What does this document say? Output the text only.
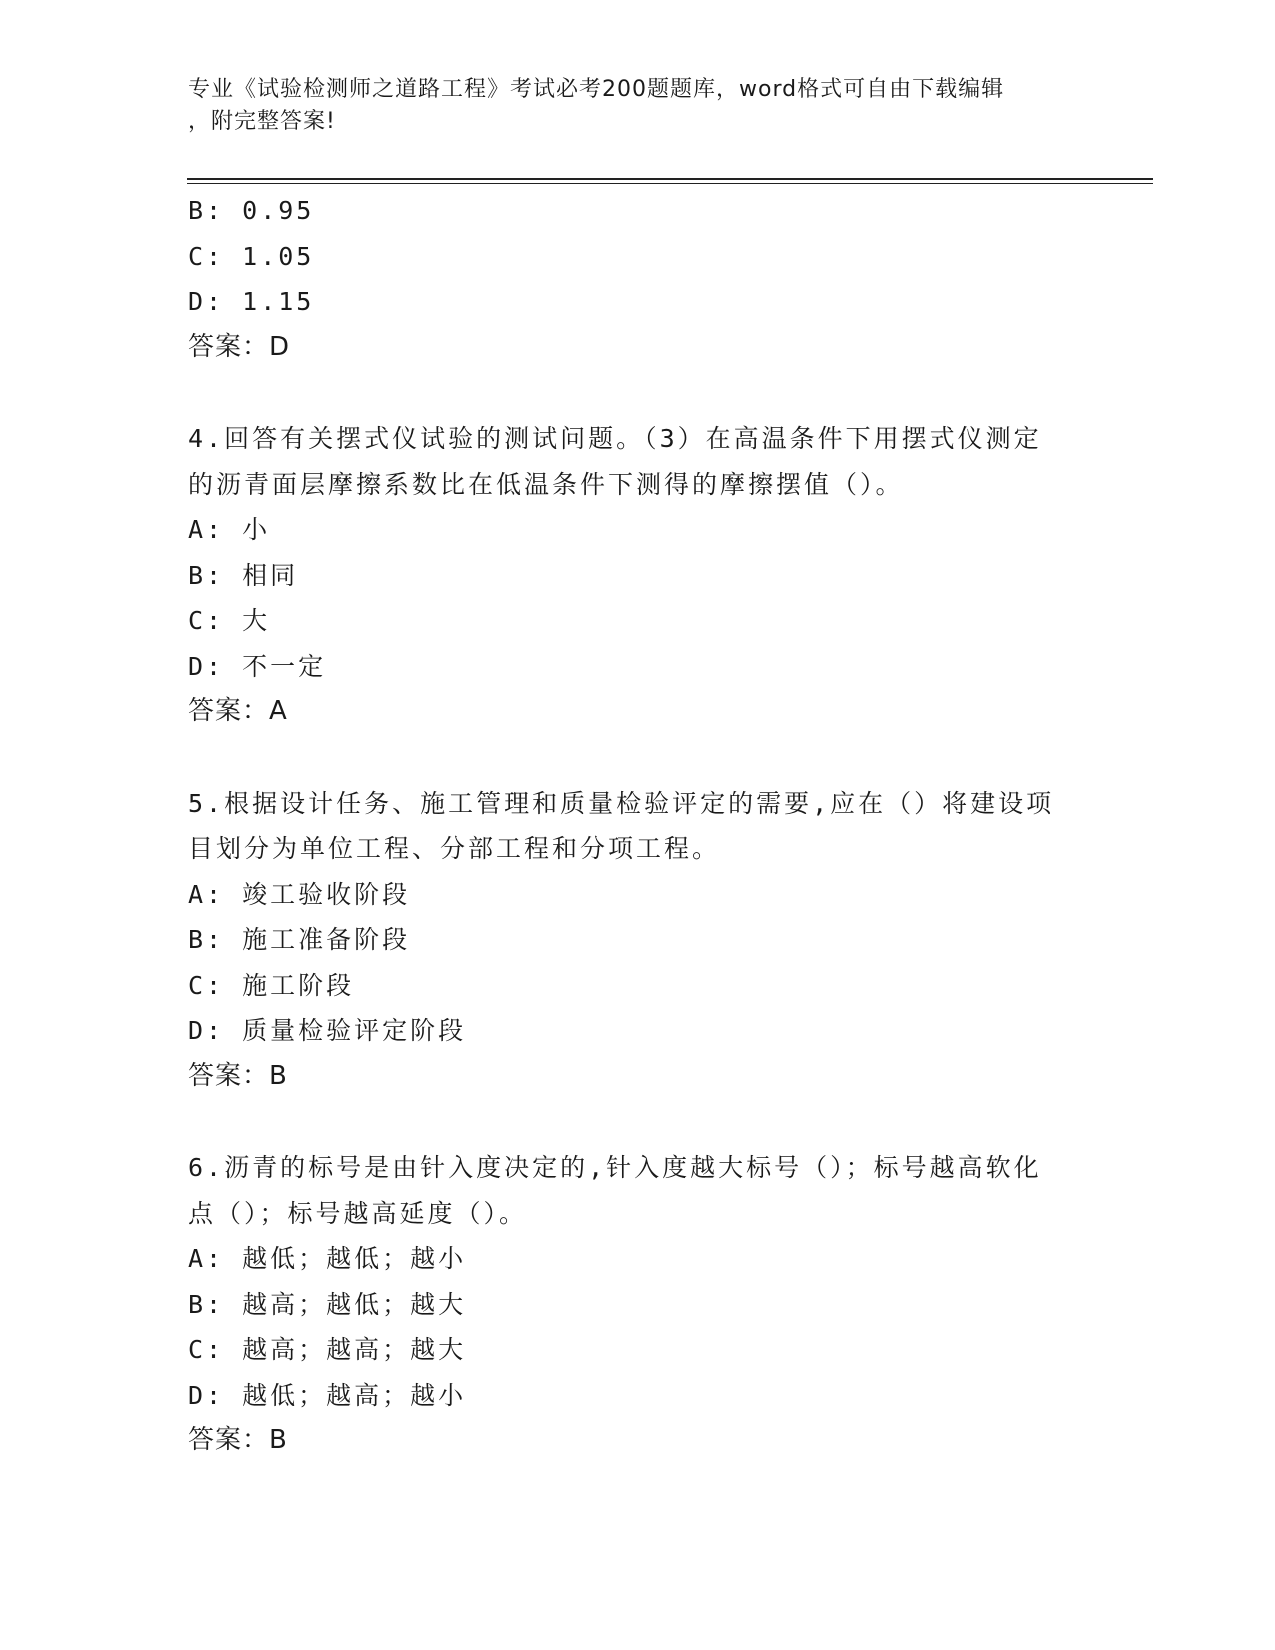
专业《试验检测师之道路工程》考试必考200题题库，word格式可自由下载编辑
，附完整答案!
B: 0.95
C: 1.05
D: 1.15
答案：D
4.回答有关摆式仪试验的测试问题。（3）在高温条件下用摆式仪测定
的沥青面层摩擦系数比在低温条件下测得的摩擦摆值（）。
A: 小
B: 相同
C: 大
D: 不一定
答案：A
5.根据设计任务、施工管理和质量检验评定的需要,应在（）将建设项
目划分为单位工程、分部工程和分项工程。
A: 竣工验收阶段
B: 施工准备阶段
C: 施工阶段
D: 质量检验评定阶段
答案：B
6.沥青的标号是由针入度决定的,针入度越大标号（）；标号越高软化
点（）；标号越高延度（）。
A: 越低；越低；越小
B: 越高；越低；越大
C: 越高；越高；越大
D: 越低；越高；越小
答案：B
